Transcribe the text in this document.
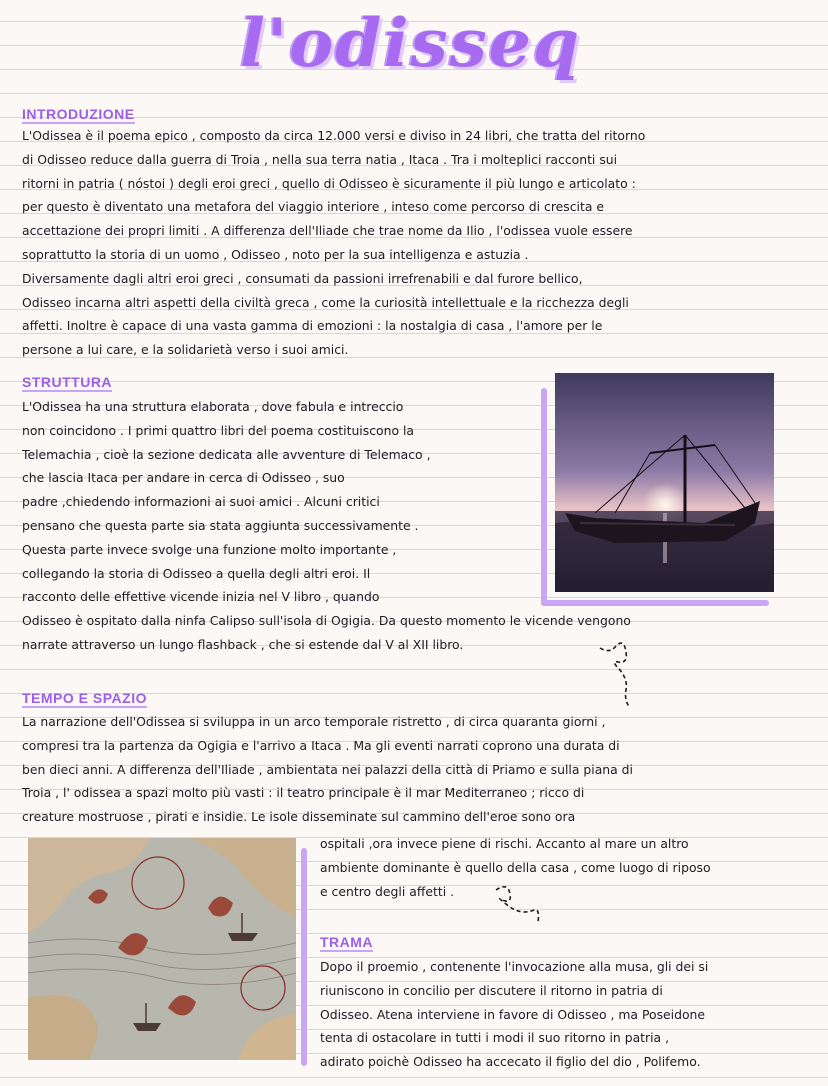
l'odisseq
INTRODUZIONE
L'Odissea è il poema epico , composto da circa 12.000 versi e diviso in 24 libri, che tratta del ritorno
di Odisseo reduce dalla guerra di Troia , nella sua terra natia , Itaca . Tra i molteplici racconti sui
ritorni in patria ( nóstoi ) degli eroi greci , quello di Odisseo è sicuramente il più lungo e articolato :
per questo è diventato una metafora del viaggio interiore , inteso come percorso di crescita e
accettazione dei propri limiti . A differenza dell'Iliade che trae nome da Ilio , l'odissea vuole essere
soprattutto la storia di un uomo , Odisseo , noto per la sua intelligenza e astuzia .
Diversamente dagli altri eroi greci , consumati da passioni irrefrenabili e dal furore bellico,
Odisseo incarna altri aspetti della civiltà greca , come la curiosità intellettuale e la ricchezza degli
affetti. Inoltre è capace di una vasta gamma di emozioni : la nostalgia di casa , l'amore per le
persone a lui care, e la solidarietà verso i suoi amici.
STRUTTURA
L'Odissea ha una struttura elaborata , dove fabula e intreccio
non coincidono . I primi quattro libri del poema costituiscono la
Telemachia , cioè la sezione dedicata alle avventure di Telemaco ,
che lascia Itaca per andare in cerca di Odisseo , suo
padre ,chiedendo informazioni ai suoi amici . Alcuni critici
pensano che questa parte sia stata aggiunta successivamente .
Questa parte invece svolge una funzione molto importante ,
collegando la storia di Odisseo a quella degli altri eroi. Il
racconto delle effettive vicende inizia nel V libro , quando
Odisseo è ospitato dalla ninfa Calipso sull'isola di Ogigia. Da questo momento le vicende vengono
narrate attraverso un lungo flashback , che si estende dal V al XII libro.
TEMPO E SPAZIO
La narrazione dell'Odissea si sviluppa in un arco temporale ristretto , di circa quaranta giorni ,
compresi tra la partenza da Ogigia e l'arrivo a Itaca . Ma gli eventi narrati coprono una durata di
ben dieci anni. A differenza dell'Iliade , ambientata nei palazzi della città di Priamo e sulla piana di
Troia , l' odissea a spazi molto più vasti : il teatro principale è il mar Mediterraneo ; ricco di
creature mostruose , pirati e insidie. Le isole disseminate sul cammino dell'eroe sono ora
ospitali ,ora invece piene di rischi. Accanto al mare un altro
ambiente dominante è quello della casa , come luogo di riposo
e centro degli affetti .
TRAMA
Dopo il proemio , contenente l'invocazione alla musa, gli dei si
riuniscono in concilio per discutere il ritorno in patria di
Odisseo. Atena interviene in favore di Odisseo , ma Poseidone
tenta di ostacolare in tutti i modi il suo ritorno in patria ,
adirato poichè Odisseo ha accecato il figlio del dio , Polifemo.
